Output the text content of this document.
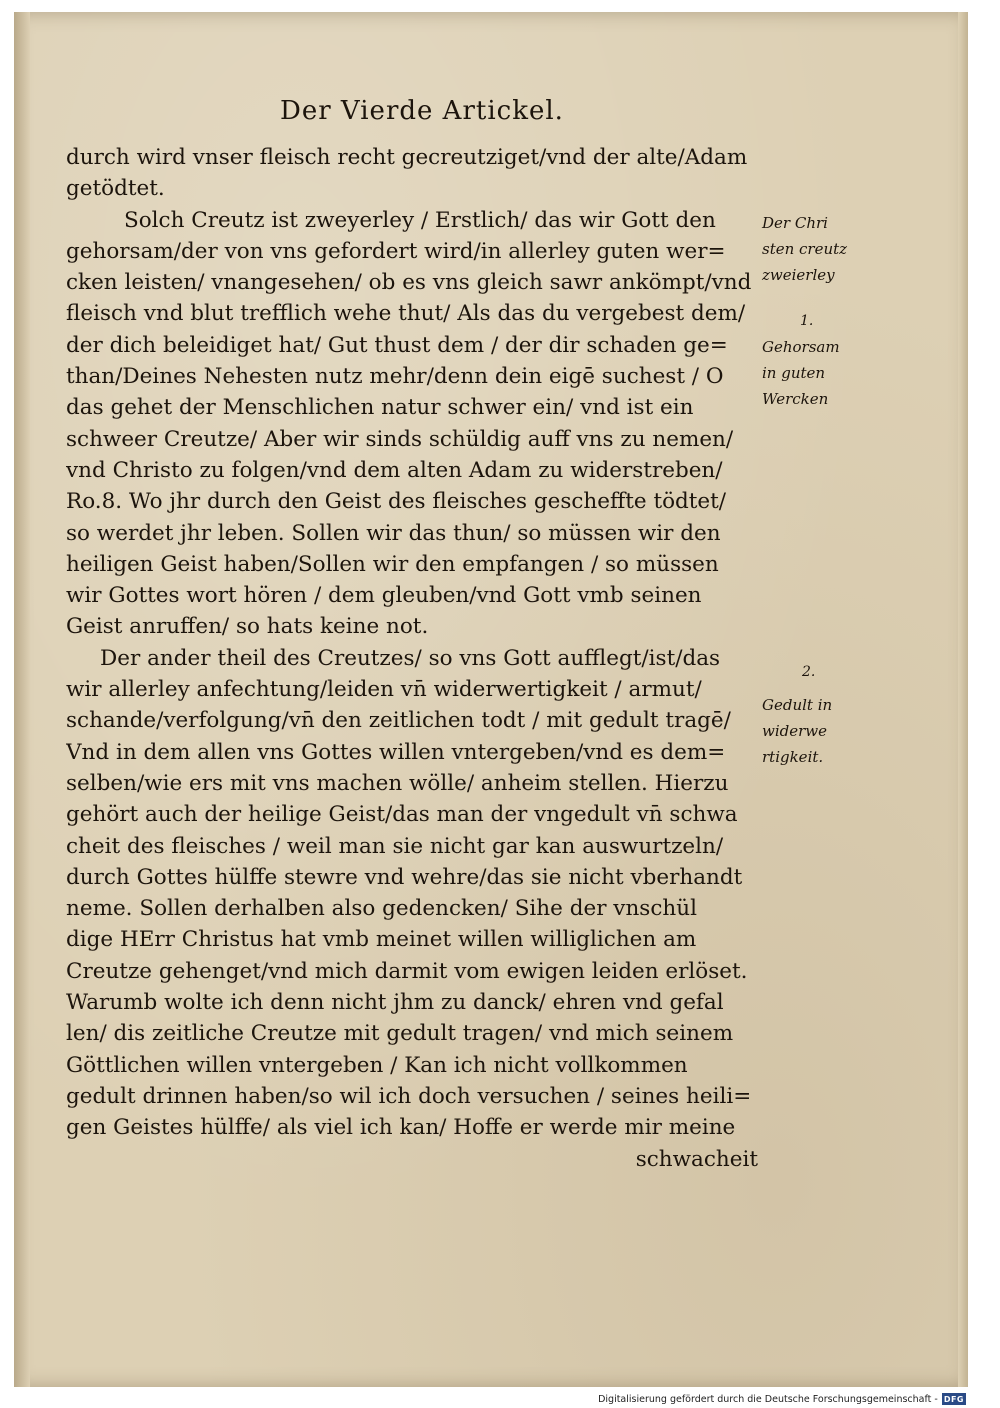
Der Vierde Artickel.
durch wird vnser fleisch recht gecreutziget/vnd der alte/Adam
getödtet.
Solch Creutz ist zweyerley / Erstlich/ das wir Gott den
gehorsam/der von vns gefordert wird/in allerley guten wer=
cken leisten/ vnangesehen/ ob es vns gleich sawr ankömpt/vnd
fleisch vnd blut trefflich wehe thut/ Als das du vergebest dem/
der dich beleidiget hat/ Gut thust dem / der dir schaden ge=
than/Deines Nehesten nutz mehr/denn dein eigē suchest / O
das gehet der Menschlichen natur schwer ein/ vnd ist ein
schweer Creutze/ Aber wir sinds schüldig auff vns zu nemen/
vnd Christo zu folgen/vnd dem alten Adam zu widerstreben/
Ro.8. Wo jhr durch den Geist des fleisches gescheffte tödtet/
so werdet jhr leben. Sollen wir das thun/ so müssen wir den
heiligen Geist haben/Sollen wir den empfangen / so müssen
wir Gottes wort hören / dem gleuben/vnd Gott vmb seinen
Geist anruffen/ so hats keine not.
Der ander theil des Creutzes/ so vns Gott aufflegt/ist/das
wir allerley anfechtung/leiden vn̄ widerwertigkeit / armut/
schande/verfolgung/vn̄ den zeitlichen todt / mit gedult tragē/
Vnd in dem allen vns Gottes willen vntergeben/vnd es dem=
selben/wie ers mit vns machen wölle/ anheim stellen. Hierzu
gehört auch der heilige Geist/das man der vngedult vn̄ schwa
cheit des fleisches / weil man sie nicht gar kan auswurtzeln/
durch Gottes hülffe stewre vnd wehre/das sie nicht vberhandt
neme. Sollen derhalben also gedencken/ Sihe der vnschül
dige HErr Christus hat vmb meinet willen williglichen am
Creutze gehenget/vnd mich darmit vom ewigen leiden erlöset.
Warumb wolte ich denn nicht jhm zu danck/ ehren vnd gefal
len/ dis zeitliche Creutze mit gedult tragen/ vnd mich seinem
Göttlichen willen vntergeben / Kan ich nicht vollkommen
gedult drinnen haben/so wil ich doch versuchen / seines heili=
gen Geistes hülffe/ als viel ich kan/ Hoffe er werde mir meine
schwacheit
Der Chri
sten creutz
zweierley
1.
Gehorsam
in guten
Wercken
2.
Gedult in
widerwe
rtigkeit.
Digitalisierung gefördert durch die Deutsche Forschungsgemeinschaft - DFG
